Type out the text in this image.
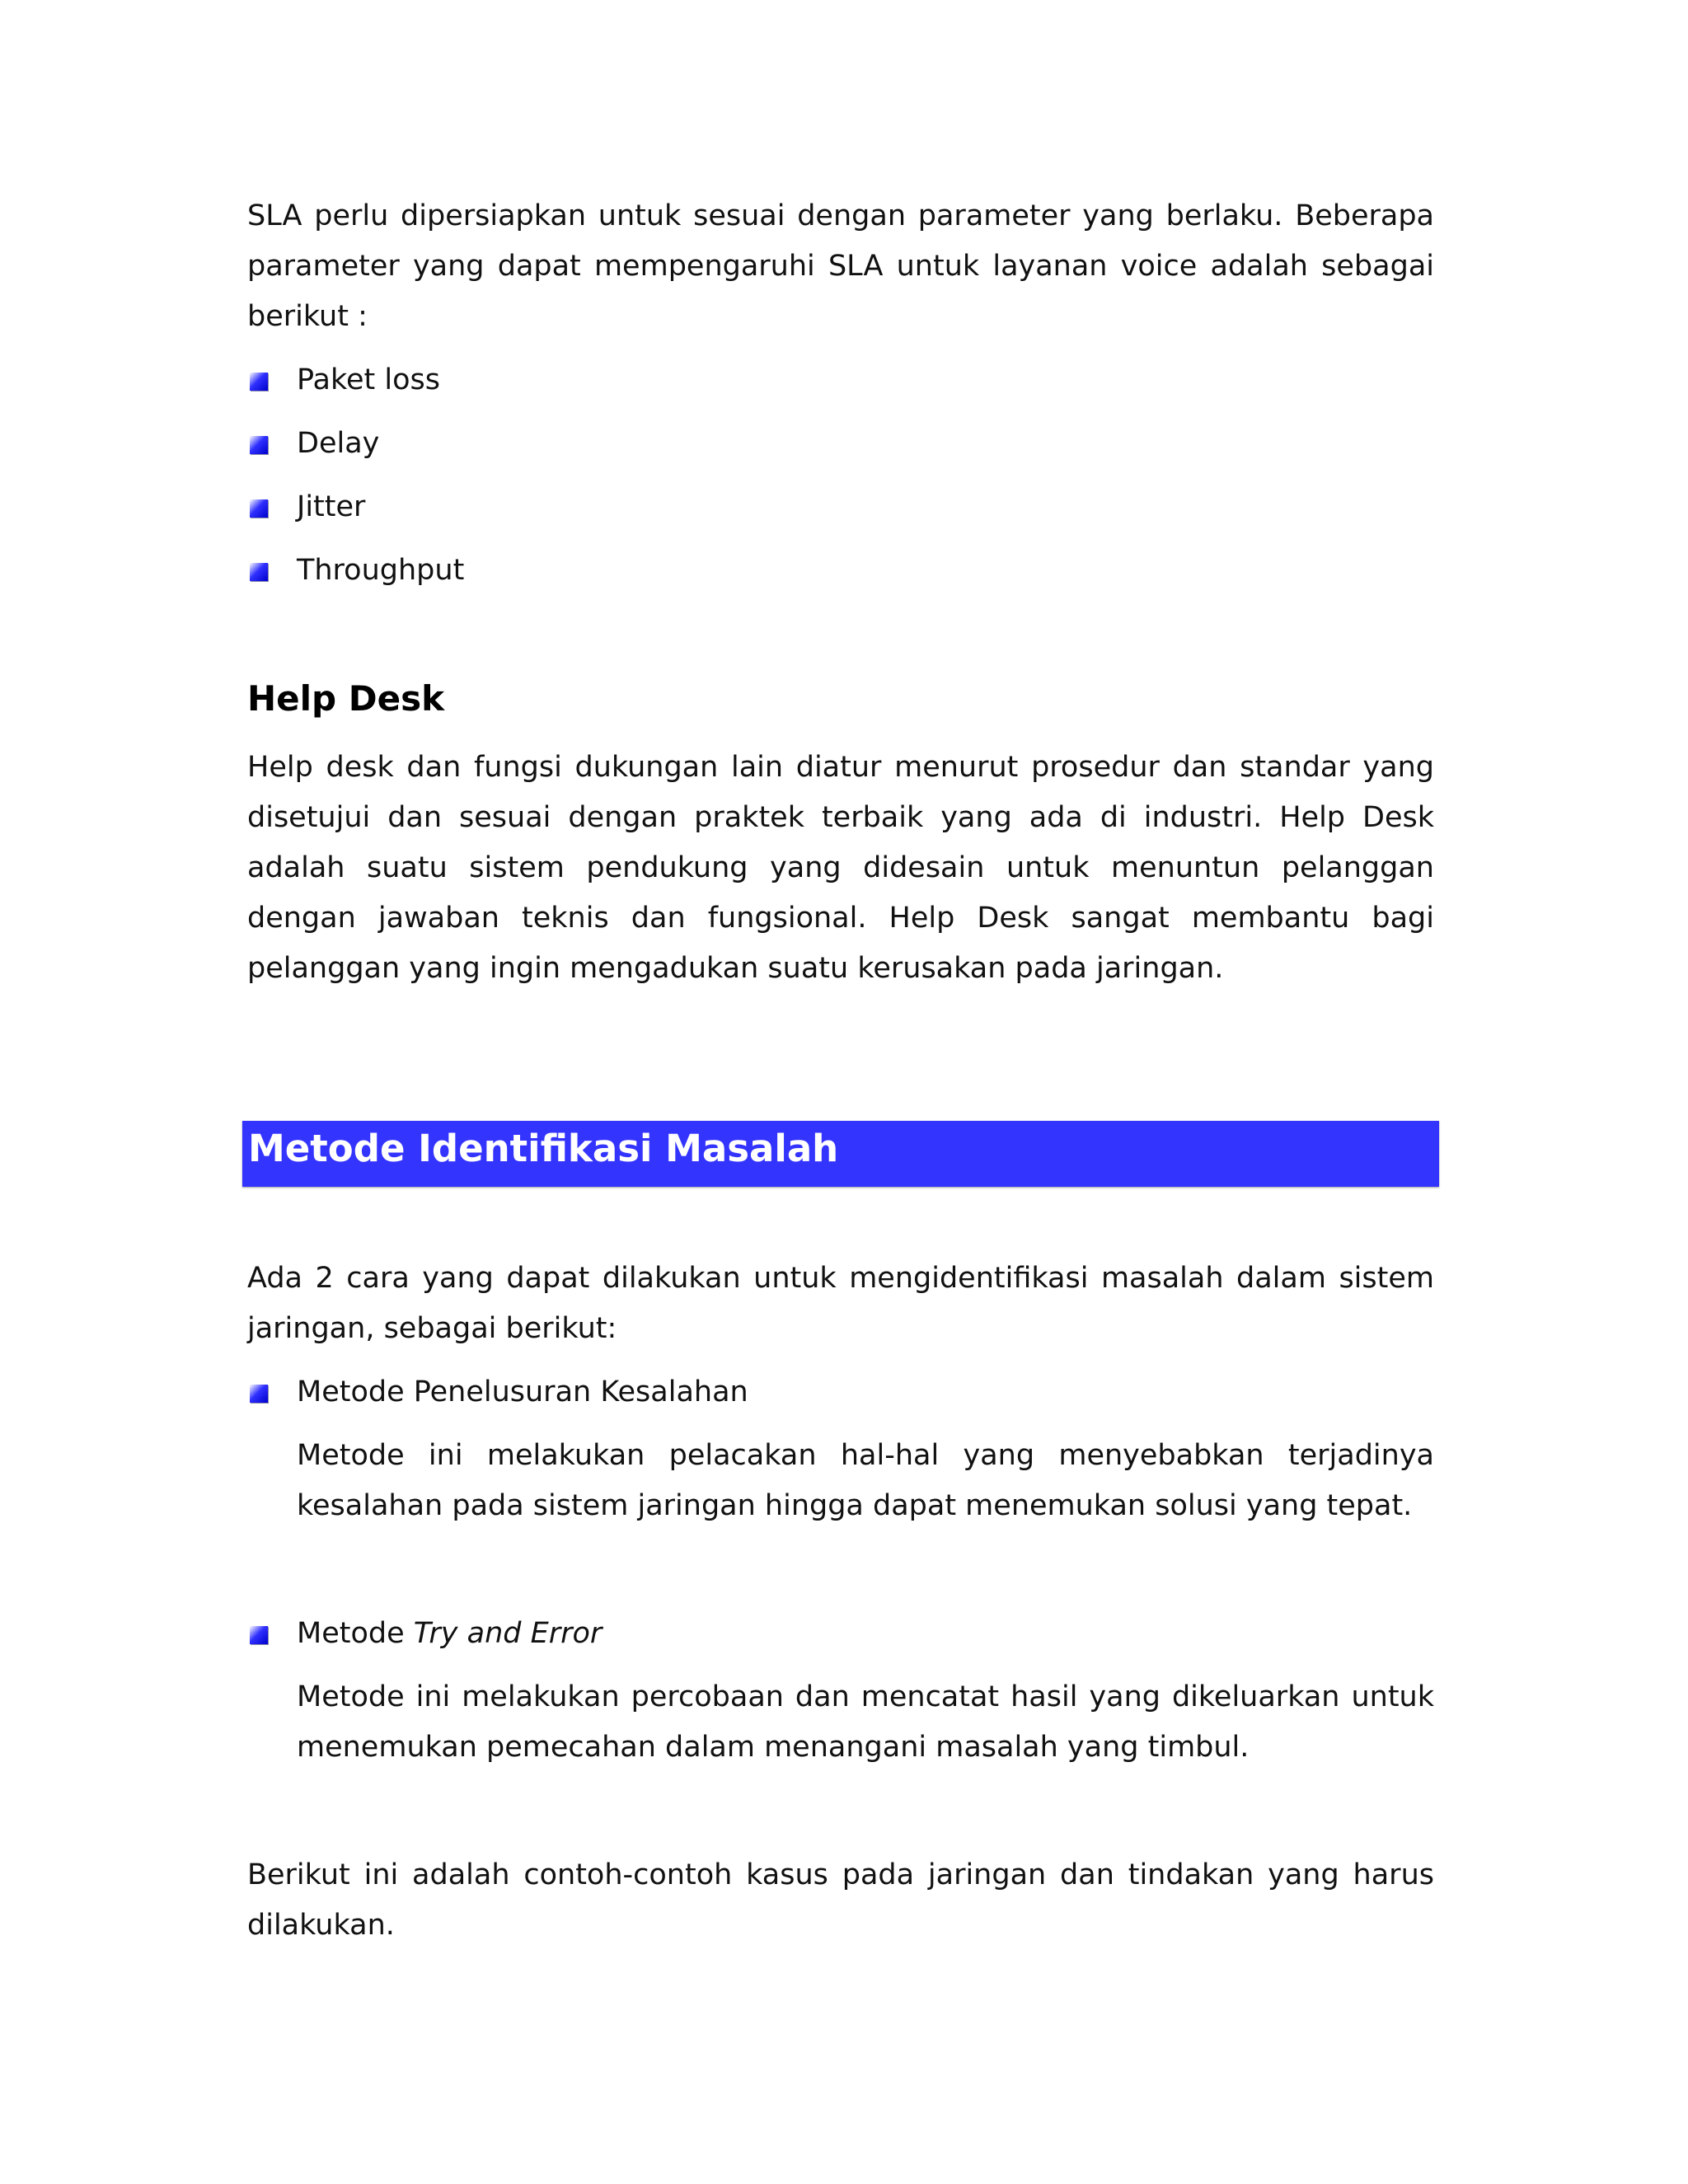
SLA perlu dipersiapkan untuk sesuai dengan parameter yang berlaku. Beberapa parameter yang dapat mempengaruhi SLA untuk layanan voice adalah sebagai berikut :

Paket loss
Delay
Jitter
Throughput
Help Desk

Help desk dan fungsi dukungan lain diatur menurut prosedur dan standar yang disetujui dan sesuai dengan praktek terbaik yang ada di industri. Help Desk adalah suatu sistem pendukung yang didesain untuk menuntun pelanggan dengan jawaban teknis dan fungsional. Help Desk sangat membantu bagi pelanggan yang ingin mengadukan suatu kerusakan pada jaringan.

Metode Identifikasi Masalah

Ada 2 cara yang dapat dilakukan untuk mengidentifikasi masalah dalam sistem jaringan, sebagai berikut:

Metode Penelusuran Kesalahan

Metode ini melakukan pelacakan hal-hal yang menyebabkan terjadinya kesalahan pada sistem jaringan hingga dapat menemukan solusi yang tepat.

Metode Try and Error

Metode ini melakukan percobaan dan mencatat hasil yang dikeluarkan untuk menemukan pemecahan dalam menangani masalah yang timbul.

Berikut ini adalah contoh-contoh kasus pada jaringan dan tindakan yang harus dilakukan.
